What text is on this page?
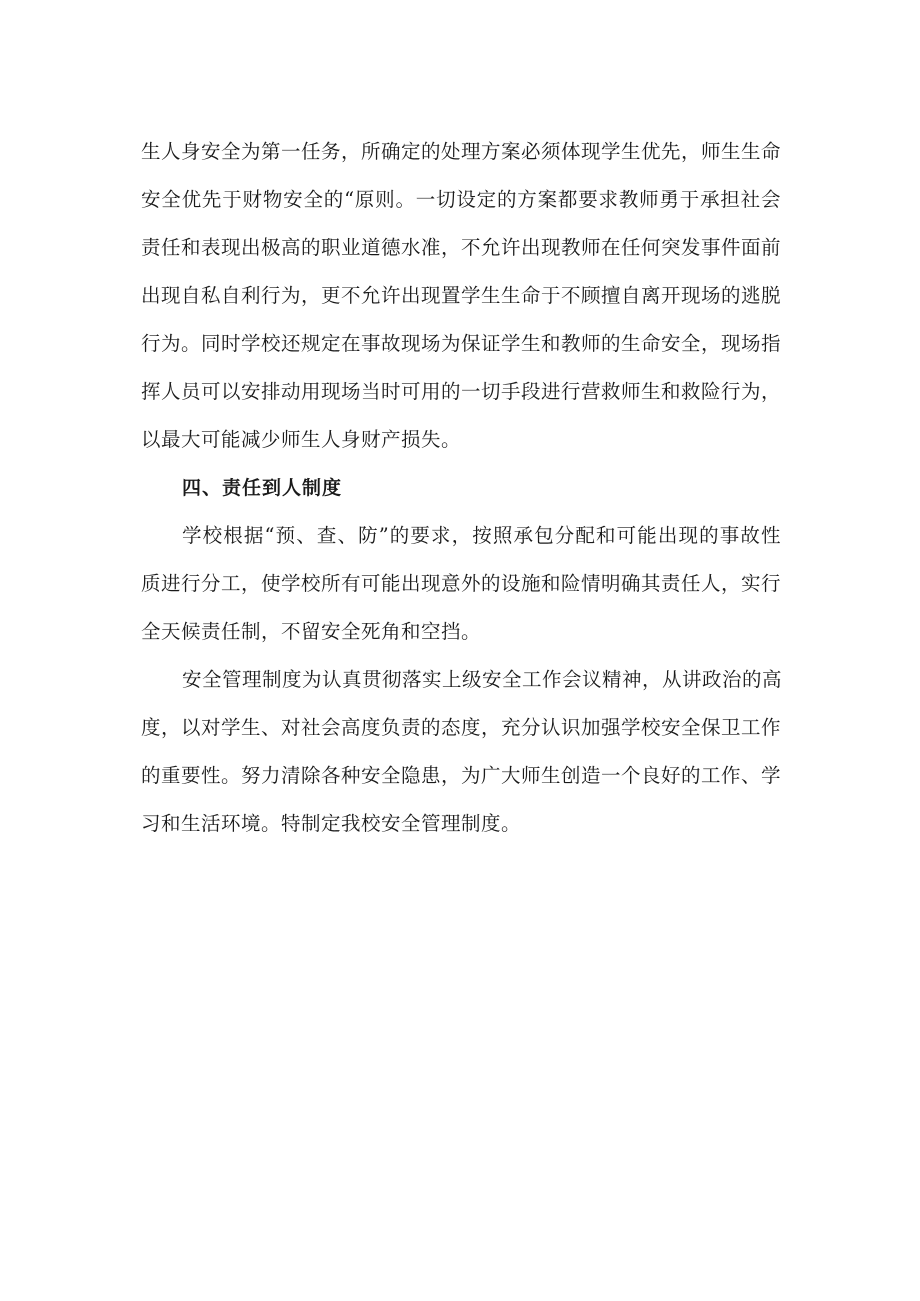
生人身安全为第一任务，所确定的处理方案必须体现学生优先，师生生命
安全优先于财物安全的“原则。一切设定的方案都要求教师勇于承担社会
责任和表现出极高的职业道德水准，不允许出现教师在任何突发事件面前
出现自私自利行为，更不允许出现置学生生命于不顾擅自离开现场的逃脱
行为。同时学校还规定在事故现场为保证学生和教师的生命安全，现场指
挥人员可以安排动用现场当时可用的一切手段进行营救师生和救险行为，
以最大可能减少师生人身财产损失。
四、责任到人制度
学校根据“预、查、防”的要求，按照承包分配和可能出现的事故性
质进行分工，使学校所有可能出现意外的设施和险情明确其责任人，实行
全天候责任制，不留安全死角和空挡。
安全管理制度为认真贯彻落实上级安全工作会议精神，从讲政治的高
度，以对学生、对社会高度负责的态度，充分认识加强学校安全保卫工作
的重要性。努力清除各种安全隐患，为广大师生创造一个良好的工作、学
习和生活环境。特制定我校安全管理制度。
